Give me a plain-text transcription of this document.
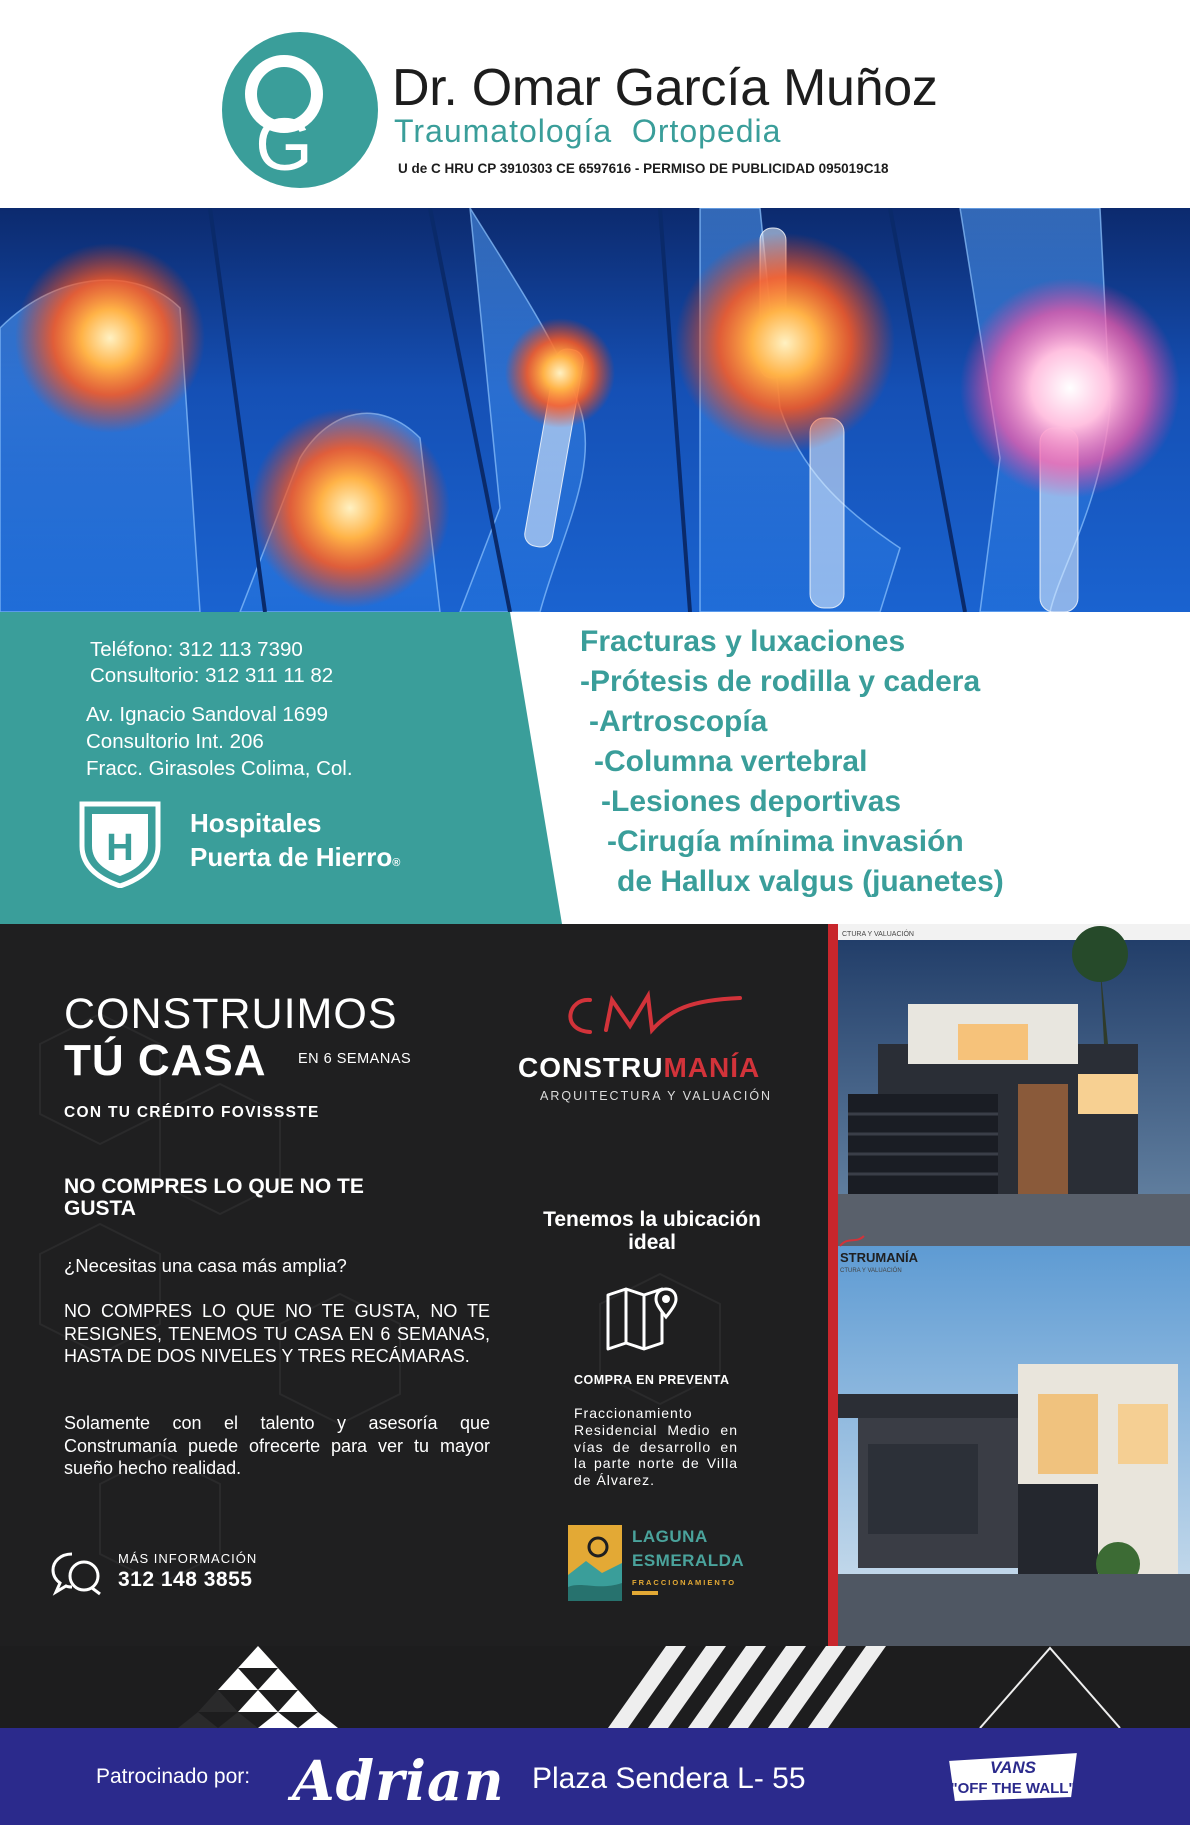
G
Dr. Omar García Muñoz
Traumatología  Ortopedia
U de C HRU CP 3910303 CE 6597616 - PERMISO DE PUBLICIDAD 095019C18
Teléfono: 312 113 7390
Consultorio: 312 311 11 82
Av. Ignacio Sandoval 1699
Consultorio Int. 206
Fracc. Girasoles Colima, Col.
H
Hospitales
Puerta de Hierro®
Fracturas y luxaciones
-Prótesis de rodilla y cadera
-Artroscopía
-Columna vertebral
-Lesiones deportivas
-Cirugía mínima invasión
de Hallux valgus (juanetes)
CONSTRUIMOS
TÚ CASA EN 6 SEMANAS
CON TU CRÉDITO FOVISSSTE
NO COMPRES LO QUE NO TE GUSTA
¿Necesitas una casa más amplia?
NO COMPRES LO QUE NO TE GUSTA, NO TE RESIGNES, TENEMOS TU CASA EN 6 SEMANAS, HASTA DE DOS NIVELES Y TRES RECÁMARAS.
Solamente con el talento y asesoría que Construmanía puede ofrecerte para ver tu mayor sueño hecho realidad.
MÁS INFORMACIÓN
312 148 3855
CONSTRUMANÍA
ARQUITECTURA Y VALUACIÓN
Tenemos la ubicación ideal
COMPRA EN PREVENTA
Fraccionamiento Residencial Medio en vías de desarrollo en la parte norte de Villa de Álvarez.
LAGUNA
ESMERALDA
FRACCIONAMIENTO
CTURA Y VALUACIÓN
STRUMANÍA
CTURA Y VALUACIÓN
Patrocinado por: Adrian Plaza Sendera L- 55	VANS
"OFF THE WALL"
